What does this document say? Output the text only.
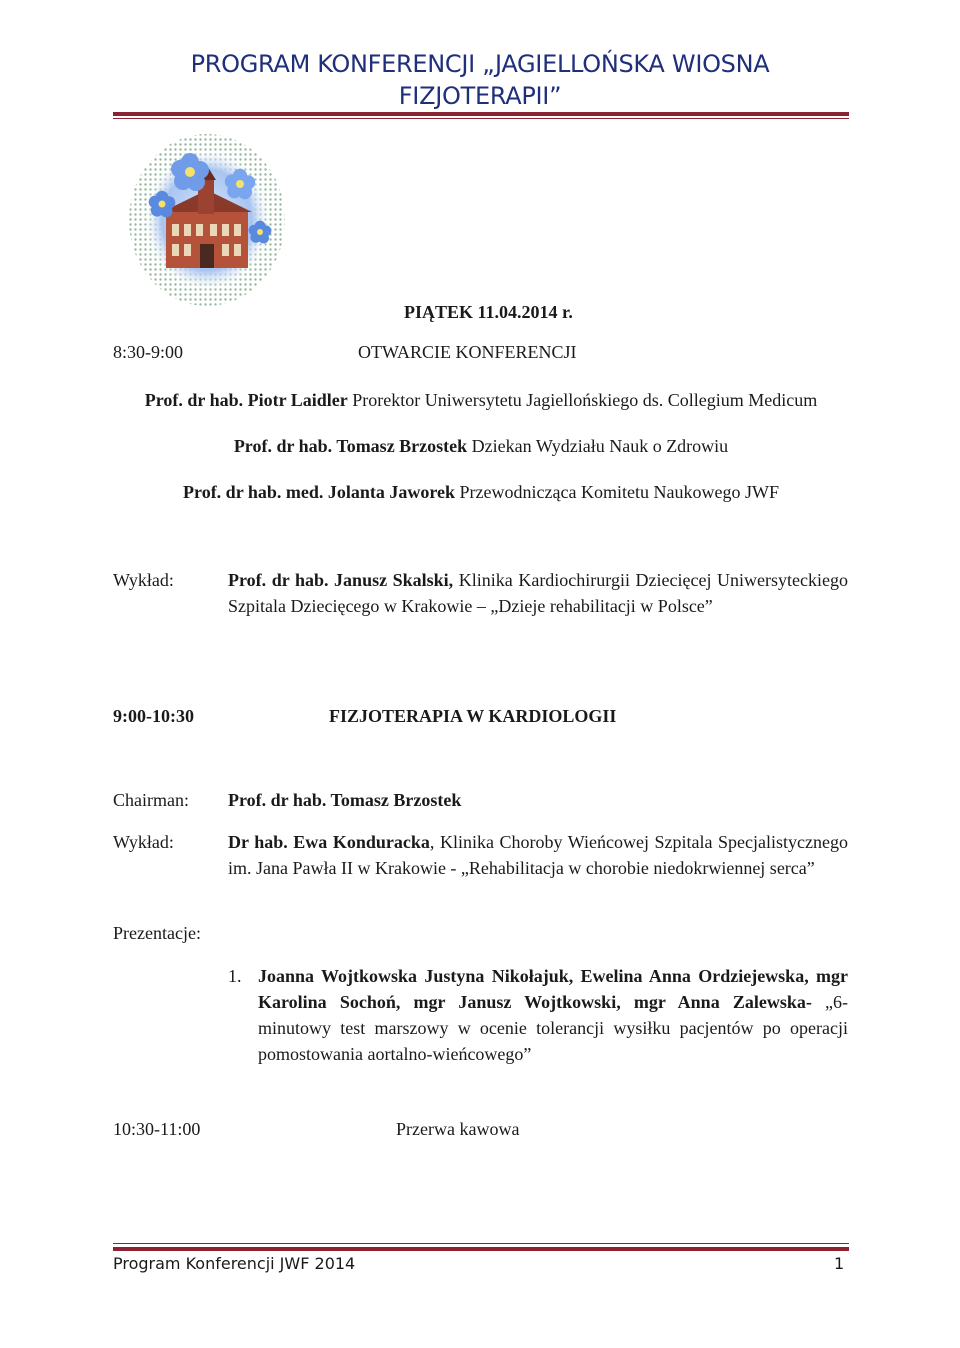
PROGRAM KONFERENCJI „JAGIELLOŃSKA WIOSNA
FIZJOTERAPII”
PIĄTEK 11.04.2014 r.
8:30-9:00	OTWARCIE KONFERENCJI
Prof. dr hab. Piotr Laidler Prorektor Uniwersytetu Jagiellońskiego ds. Collegium Medicum
Prof. dr hab. Tomasz Brzostek Dziekan Wydziału Nauk o Zdrowiu
Prof. dr hab. med. Jolanta Jaworek Przewodnicząca Komitetu Naukowego JWF
Wykład:	Prof. dr hab. Janusz Skalski, Klinika Kardiochirurgii Dziecięcej Uniwersyteckiego Szpitala Dziecięcego w Krakowie – „Dzieje rehabilitacji w Polsce”
9:00-10:30	FIZJOTERAPIA W KARDIOLOGII
Chairman: Prof. dr hab. Tomasz Brzostek
Wykład:	Dr hab. Ewa Konduracka, Klinika Choroby Wieńcowej Szpitala Specjalistycznego im. Jana Pawła II w Krakowie - „Rehabilitacja w chorobie niedokrwiennej serca”
Prezentacje:
1. Joanna Wojtkowska Justyna Nikołajuk, Ewelina Anna Ordziejewska, mgr Karolina Sochoń, mgr Janusz Wojtkowski, mgr Anna Zalewska- „6-minutowy test marszowy w ocenie tolerancji wysiłku pacjentów po operacji pomostowania aortalno-wieńcowego”
10:30-11:00	Przerwa kawowa
Program Konferencji JWF 2014	1
